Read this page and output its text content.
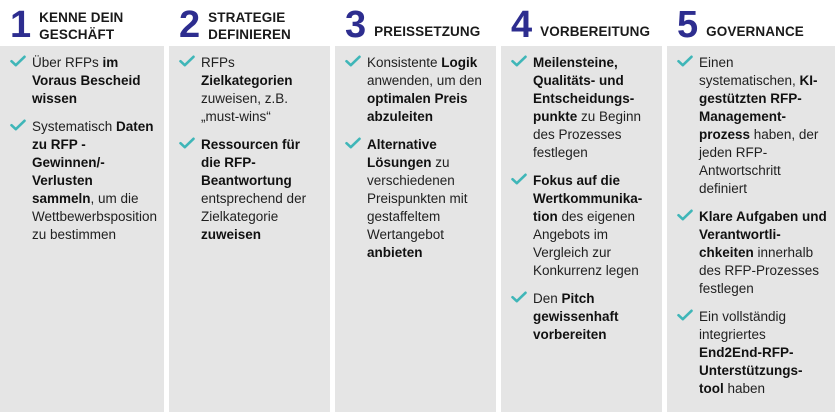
1 KENNE DEIN
GESCHÄFT
Über RFPs im Voraus Bescheid wissen
Systematisch Daten zu RFP -Gewinnen/-Verlusten sammeln, um die Wettbewerbsposition zu bestimmen
2 STRATEGIE
DEFINIEREN
RFPs Zielkategorien zuweisen, z.B. „must-wins“
Ressourcen für die RFP-Beantwortung entsprechend der Zielkategorie zuweisen
3 PREISSETZUNG
Konsistente Logik anwenden, um den optimalen Preis abzuleiten
Alternative Lösungen zu verschiedenen Preispunkten mit gestaffeltem Wertangebot anbieten
4 VORBEREITUNG
Meilensteine, Qualitäts- und Entscheidungs-punkte zu Beginn des Prozesses festlegen
Fokus auf die Wertkommunika-tion des eigenen Angebots im Vergleich zur Konkurrenz legen
Den Pitch gewissenhaft vorbereiten
5 GOVERNANCE
Einen systematischen, KI-gestützten RFP-Management-prozess haben, der jeden RFP-Antwortschritt definiert
Klare Aufgaben und Verantwortli-chkeiten innerhalb des RFP-Prozesses festlegen
Ein vollständig integriertes End2End-RFP-Unterstützungs-tool haben
